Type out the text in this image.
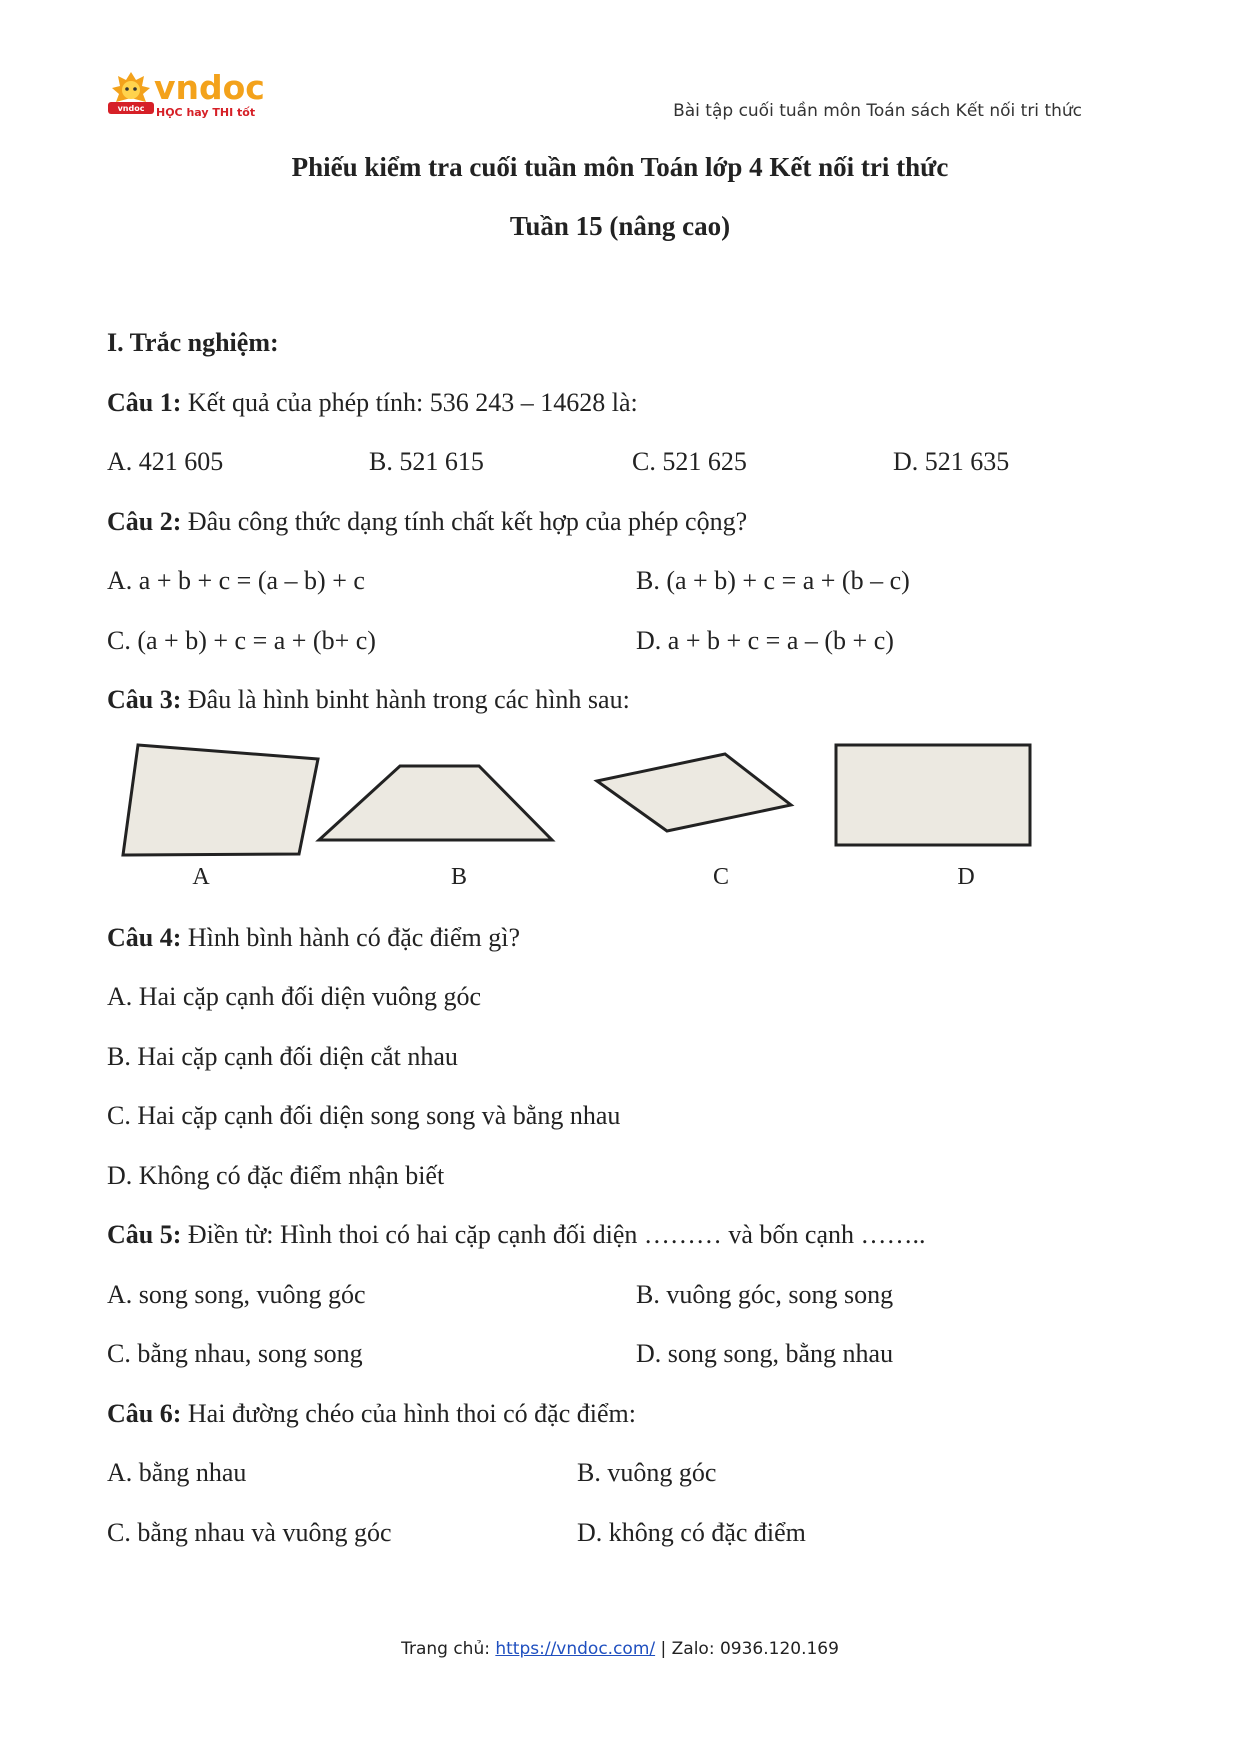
vndoc
vndoc
HỌC hay THI tốt	Bài tập cuối tuần môn Toán sách Kết nối tri thức
Phiếu kiểm tra cuối tuần môn Toán lớp 4 Kết nối tri thức
Tuần 15 (nâng cao)
I. Trắc nghiệm:
Câu 1: Kết quả của phép tính: 536 243 – 14628 là:
A. 421 605	B. 521 615	C. 521 625	D. 521 635
Câu 2: Đâu công thức dạng tính chất kết hợp của phép cộng?
A. a + b + c = (a – b) + c	B. (a + b) + c = a + (b – c)
C. (a + b) + c = a + (b+ c)	D. a + b + c = a – (b + c)
Câu 3: Đâu là hình binht hành trong các hình sau:
A	B	C	D
Câu 4: Hình bình hành có đặc điểm gì?
A. Hai cặp cạnh đối diện vuông góc
B. Hai cặp cạnh đối diện cắt nhau
C. Hai cặp cạnh đối diện song song và bằng nhau
D. Không có đặc điểm nhận biết
Câu 5: Điền từ: Hình thoi có hai cặp cạnh đối diện ……… và bốn cạnh ……..
A. song song, vuông góc	B. vuông góc, song song
C. bằng nhau, song song	D. song song, bằng nhau
Câu 6: Hai đường chéo của hình thoi có đặc điểm:
A. bằng nhau	B. vuông góc
C. bằng nhau và vuông góc	D. không có đặc điểm
Trang chủ: https://vndoc.com/ | Zalo: 0936.120.169
